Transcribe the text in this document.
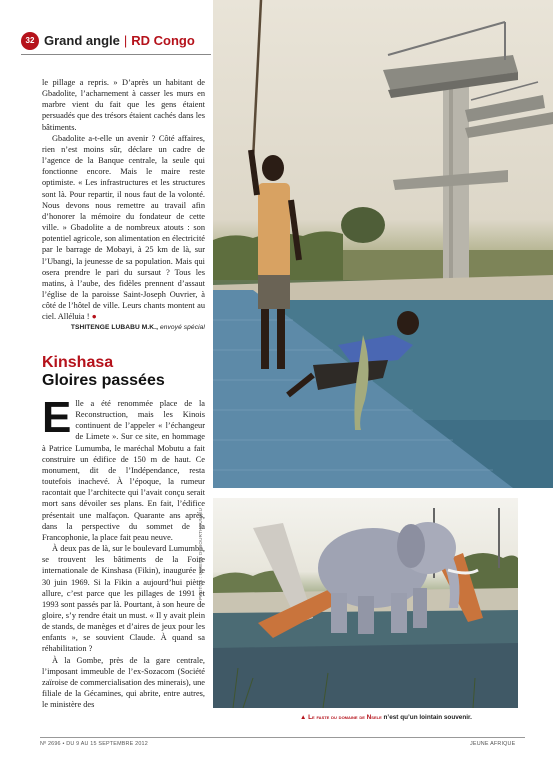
32 Grand angle | RD Congo

le pillage a repris. » D’après un habitant de Gbadolite, l’acharnement à casser les murs en marbre vient du fait que les gens étaient persuadés que des trésors étaient cachés dans les bâtiments.

Gbadolite a-t-elle un avenir ? Côté affaires, rien n’est moins sûr, déclare un cadre de l’agence de la Banque centrale, la seule qui fonctionne encore. Mais le maire reste optimiste. « Les infrastructures et les structures sont là. Pour repartir, il nous faut de la volonté. Nous devons nous remettre au travail afin d’honorer la mémoire du fondateur de cette ville. » Gbadolite a de nombreux atouts : son potentiel agricole, son alimentation en électricité par le barrage de Mobayi, à 25 km de là, sur l’Ubangi, la jeunesse de sa population. Mais qui osera prendre le pari du sursaut ? Tous les matins, à l’aube, des fidèles prennent d’assaut l’église de la paroisse Saint-Joseph Ouvrier, à côté de l’hôtel de ville. Leurs chants montent au ciel. Alléluia ! ●

TSHITENGE LUBABU M.K., envoyé spécial
Kinshasa
Gloires passées

Elle a été renommée place de la Reconstruction, mais les Kinois continuent de l’appeler « l’échangeur de Limete ». Sur ce site, en hommage à Patrice Lumumba, le maréchal Mobutu a fait construire un édifice de 150 m de haut. Ce monument, dit de l’Indépendance, resta toutefois inachevé. À l’époque, la rumeur racontait que l’architecte qui l’avait conçu serait mort sans dévoiler ses plans. En fait, l’édifice présentait une malfaçon. Quarante ans après, dans la perspective du sommet de la Francophonie, la place fait peau neuve.

À deux pas de là, sur le boulevard Lumumba, se trouvent les bâtiments de la Foire internationale de Kinshasa (Fikin), inaugurée le 30 juin 1969. Si la Fikin a aujourd’hui piètre allure, c’est parce que les pillages de 1991 et 1993 sont passés par là. Pourtant, à son heure de gloire, s’y rendre était un must. « Il y avait plein de stands, de manèges et d’aires de jeux pour les enfants », se souvient Claude. À quand sa réhabilitation ?

À la Gombe, près de la gare centrale, l’imposant immeuble de l’ex-Sozacom (Société zaïroise de commercialisation des minerais), une filiale de la Gécamines, qui abrite, entre autres, le ministère des

PHOTOS : GWENN DUBOURTHOUMIEU
▲ Le faste du domaine de Nsele n’est qu’un lointain souvenir.
Nº 2696 • DU 9 AU 15 SEPTEMBRE 2012	JEUNE AFRIQUE
